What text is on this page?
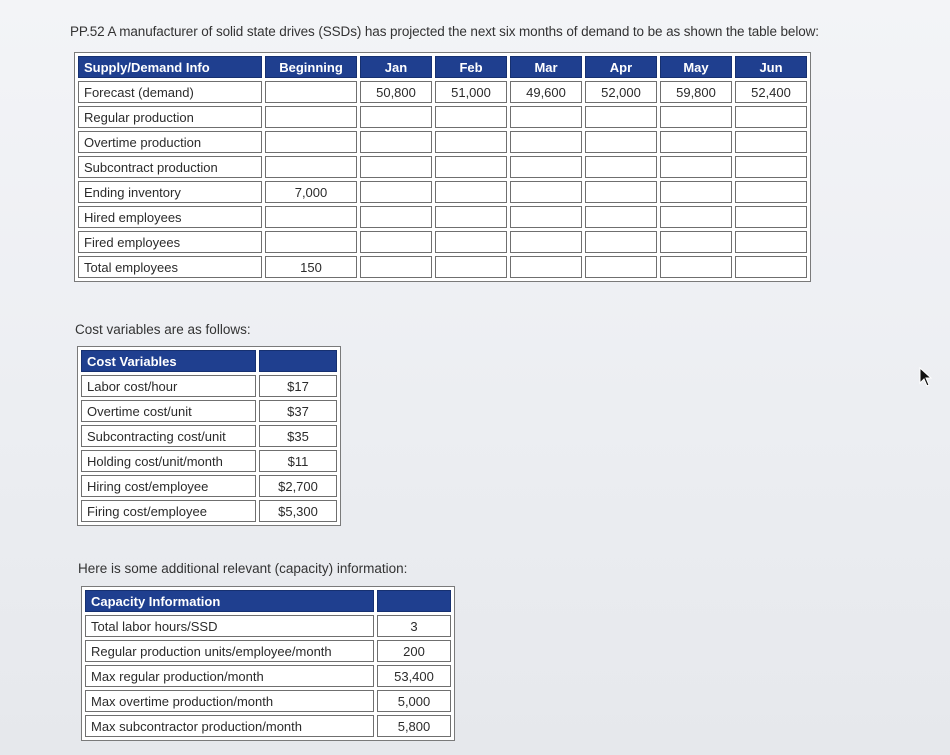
PP.52 A manufacturer of solid state drives (SSDs) has projected the next six months of demand to be as shown the table below:
Supply/Demand Info	Beginning	Jan	Feb	Mar	Apr	May	Jun
Forecast (demand)		50,800	51,000	49,600	52,000	59,800	52,400
Regular production							
Overtime production							
Subcontract production							
Ending inventory	7,000						
Hired employees							
Fired employees							
Total employees	150						
Cost variables are as follows:
Cost Variables	
Labor cost/hour	$17
Overtime cost/unit	$37
Subcontracting cost/unit	$35
Holding cost/unit/month	$11
Hiring cost/employee	$2,700
Firing cost/employee	$5,300
Here is some additional relevant (capacity) information:
Capacity Information	
Total labor hours/SSD	3
Regular production units/employee/month	200
Max regular production/month	53,400
Max overtime production/month	5,000
Max subcontractor production/month	5,800
